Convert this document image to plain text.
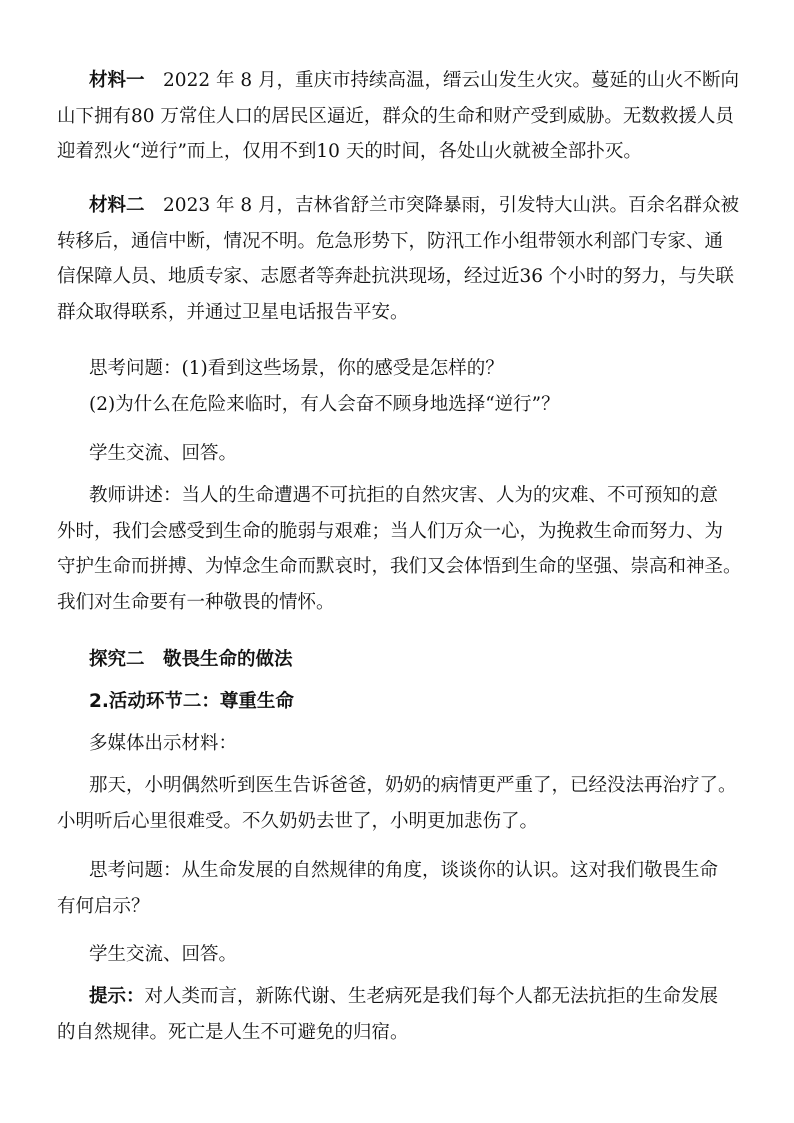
材料一　 2022 年 8 月，重庆市持续高温，缙云山发生火灾。蔓延的山火不断向
山下拥有80 万常住人口的居民区逼近，群众的生命和财产受到威胁。无数救援人员
迎着烈火“逆行”而上，仅用不到10 天的时间，各处山火就被全部扑灭。
材料二　 2023 年 8 月，吉林省舒兰市突降暴雨，引发特大山洪。百余名群众被
转移后，通信中断，情况不明。危急形势下，防汛工作小组带领水利部门专家、通
信保障人员、地质专家、志愿者等奔赴抗洪现场，经过近36 个小时的努力，与失联
群众取得联系，并通过卫星电话报告平安。
思考问题：(1)看到这些场景，你的感受是怎样的？
(2)为什么在危险来临时，有人会奋不顾身地选择“逆行”？
学生交流、回答。
教师讲述：当人的生命遭遇不可抗拒的自然灾害、人为的灾难、不可预知的意
外时，我们会感受到生命的脆弱与艰难；当人们万众一心，为挽救生命而努力、为
守护生命而拼搏、为悼念生命而默哀时，我们又会体悟到生命的坚强、崇高和神圣。
我们对生命要有一种敬畏的情怀。
探究二　敬畏生命的做法
2.活动环节二：尊重生命
多媒体出示材料：
那天，小明偶然听到医生告诉爸爸，奶奶的病情更严重了，已经没法再治疗了。
小明听后心里很难受。不久奶奶去世了，小明更加悲伤了。
思考问题：从生命发展的自然规律的角度，谈谈你的认识。这对我们敬畏生命
有何启示？
学生交流、回答。
提示：对人类而言，新陈代谢、生老病死是我们每个人都无法抗拒的生命发展
的自然规律。死亡是人生不可避免的归宿。
